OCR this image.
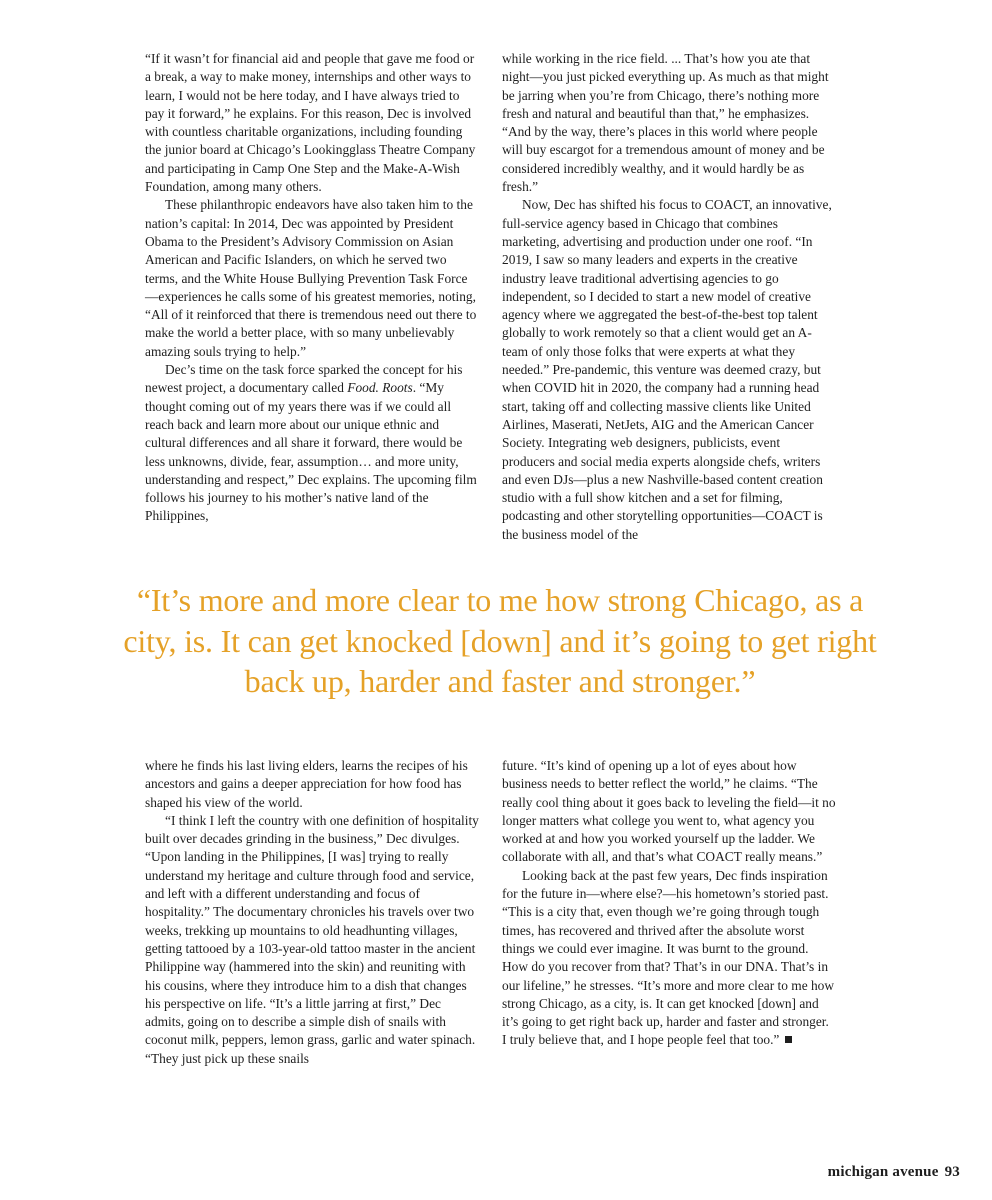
“If it wasn’t for financial aid and people that gave me food or a break, a way to make money, internships and other ways to learn, I would not be here today, and I have always tried to pay it forward,” he explains. For this reason, Dec is involved with countless charitable organizations, including founding the junior board at Chicago’s Lookingglass Theatre Company and participating in Camp One Step and the Make-A-Wish Foundation, among many others.

These philanthropic endeavors have also taken him to the nation’s capital: In 2014, Dec was appointed by President Obama to the President’s Advisory Commission on Asian American and Pacific Islanders, on which he served two terms, and the White House Bullying Prevention Task Force—experiences he calls some of his greatest memories, noting, “All of it reinforced that there is tremendous need out there to make the world a better place, with so many unbelievably amazing souls trying to help.”

Dec’s time on the task force sparked the concept for his newest project, a documentary called Food. Roots. “My thought coming out of my years there was if we could all reach back and learn more about our unique ethnic and cultural differences and all share it forward, there would be less unknowns, divide, fear, assumption… and more unity, understanding and respect,” Dec explains. The upcoming film follows his journey to his mother’s native land of the Philippines,

while working in the rice field. ... That’s how you ate that night—you just picked everything up. As much as that might be jarring when you’re from Chicago, there’s nothing more fresh and natural and beautiful than that,” he emphasizes. “And by the way, there’s places in this world where people will buy escargot for a tremendous amount of money and be considered incredibly wealthy, and it would hardly be as fresh.”

Now, Dec has shifted his focus to COACT, an innovative, full-service agency based in Chicago that combines marketing, advertising and production under one roof. “In 2019, I saw so many leaders and experts in the creative industry leave traditional advertising agencies to go independent, so I decided to start a new model of creative agency where we aggregated the best-of-the-best top talent globally to work remotely so that a client would get an A-team of only those folks that were experts at what they needed.” Pre-pandemic, this venture was deemed crazy, but when COVID hit in 2020, the company had a running head start, taking off and collecting massive clients like United Airlines, Maserati, NetJets, AIG and the American Cancer Society. Integrating web designers, publicists, event producers and social media experts alongside chefs, writers and even DJs—plus a new Nashville-based content creation studio with a full show kitchen and a set for filming, podcasting and other storytelling opportunities—COACT is the business model of the

“It’s more and more clear to me how strong Chicago, as a city, is. It can get knocked [down] and it’s going to get right back up, harder and faster and stronger.”

where he finds his last living elders, learns the recipes of his ancestors and gains a deeper appreciation for how food has shaped his view of the world.

“I think I left the country with one definition of hospitality built over decades grinding in the business,” Dec divulges. “Upon landing in the Philippines, [I was] trying to really understand my heritage and culture through food and service, and left with a different understanding and focus of hospitality.” The documentary chronicles his travels over two weeks, trekking up mountains to old headhunting villages, getting tattooed by a 103-year-old tattoo master in the ancient Philippine way (hammered into the skin) and reuniting with his cousins, where they introduce him to a dish that changes his perspective on life. “It’s a little jarring at first,” Dec admits, going on to describe a simple dish of snails with coconut milk, peppers, lemon grass, garlic and water spinach. “They just pick up these snails

future. “It’s kind of opening up a lot of eyes about how business needs to better reflect the world,” he claims. “The really cool thing about it goes back to leveling the field—it no longer matters what college you went to, what agency you worked at and how you worked yourself up the ladder. We collaborate with all, and that’s what COACT really means.”

Looking back at the past few years, Dec finds inspiration for the future in—where else?—his hometown’s storied past. “This is a city that, even though we’re going through tough times, has recovered and thrived after the absolute worst things we could ever imagine. It was burnt to the ground. How do you recover from that? That’s in our DNA. That’s in our lifeline,” he stresses. “It’s more and more clear to me how strong Chicago, as a city, is. It can get knocked [down] and it’s going to get right back up, harder and faster and stronger. I truly believe that, and I hope people feel that too.”

michigan avenue 93
